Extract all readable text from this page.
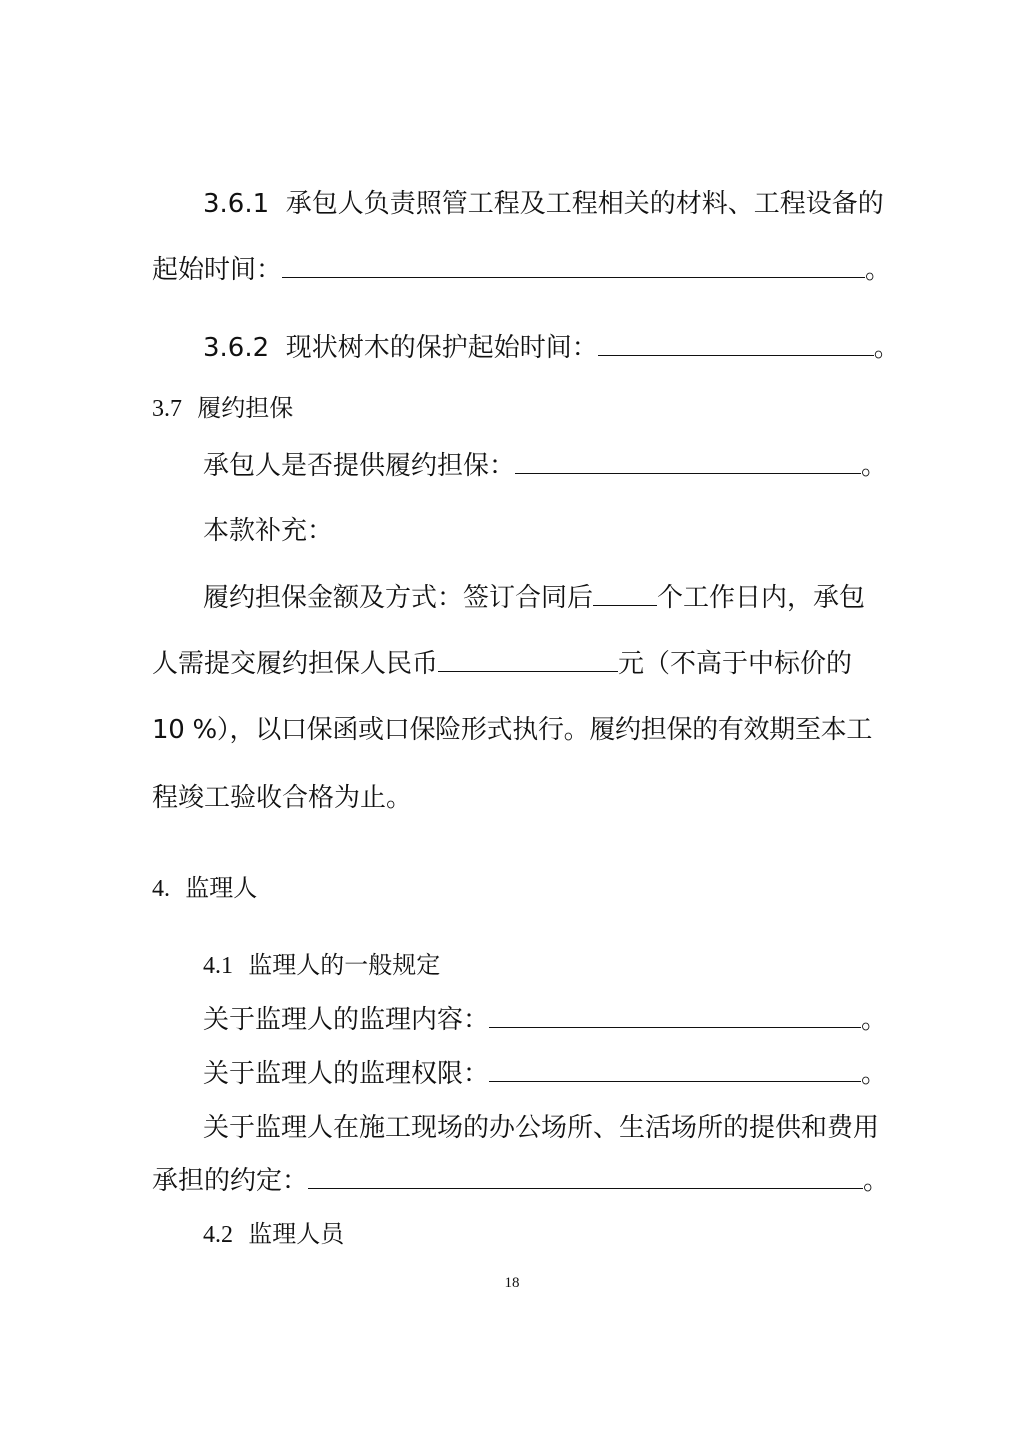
3.6.1 承包人负责照管工程及工程相关的材料、工程设备的
起始时间：	。
3.6.2 现状树木的保护起始时间：	。
3.7 履约担保
承包人是否提供履约担保：	。
本款补充：
履约担保金额及方式：签订合同后 个工作日内，承包
人需提交履约担保人民币	元（不高于中标价的
10 %），以口保函或口保险形式执行。履约担保的有效期至本工
程竣工验收合格为止。
4. 监理人
4.1 监理人的一般规定
关于监理人的监理内容：	。
关于监理人的监理权限：	。
关于监理人在施工现场的办公场所、生活场所的提供和费用
承担的约定：	。
4.2 监理人员
18
